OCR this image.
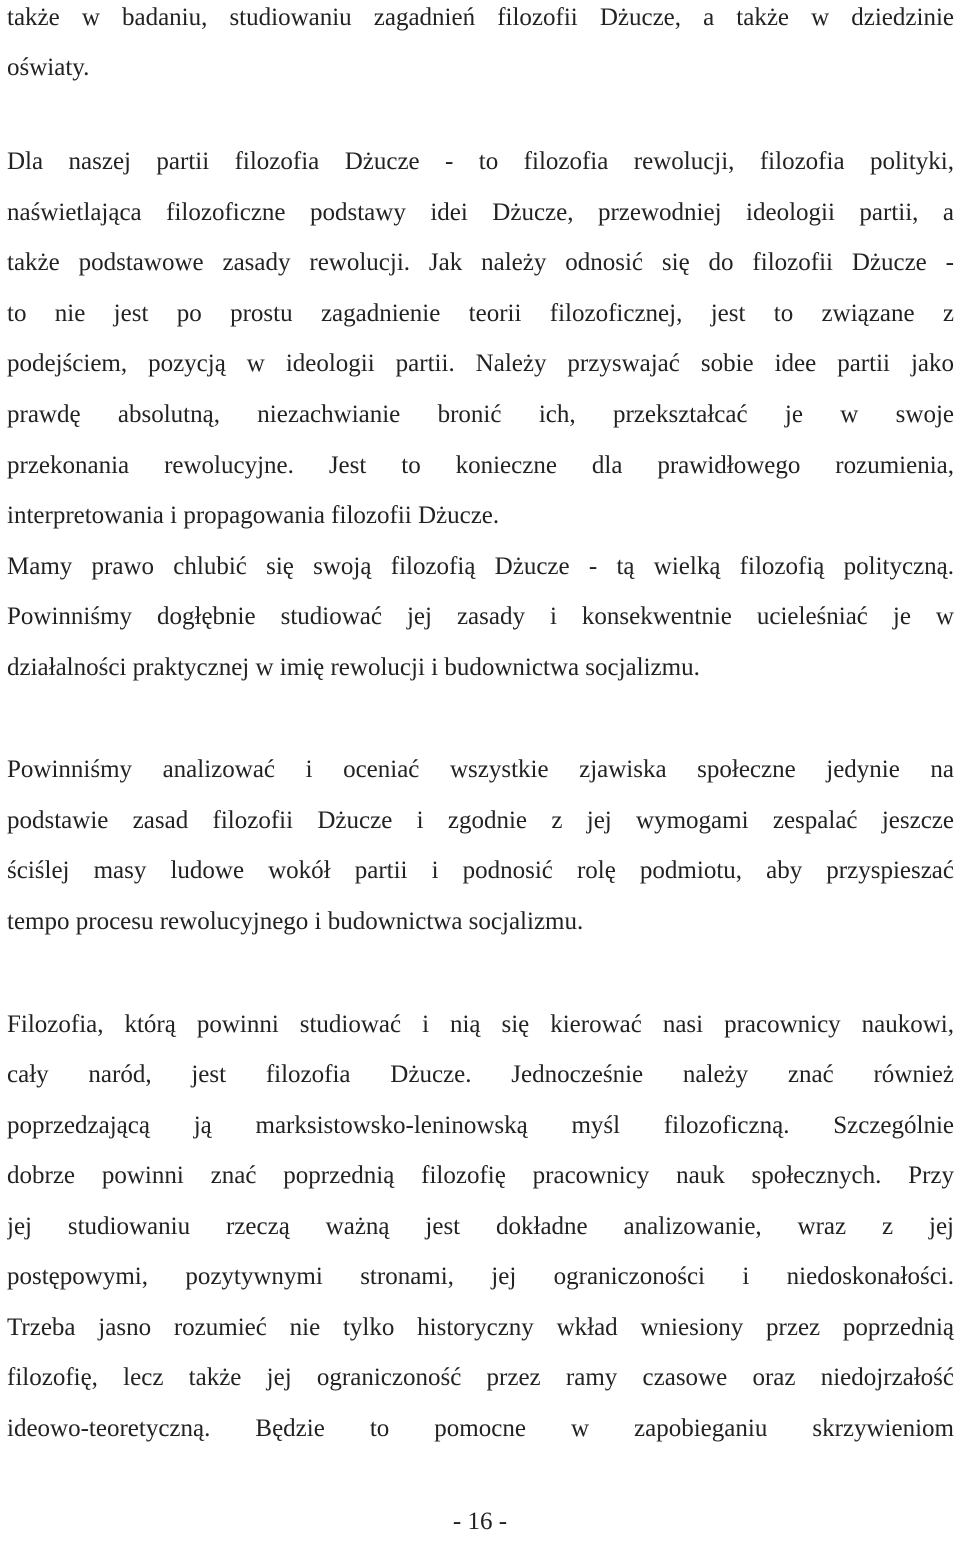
także w badaniu, studiowaniu zagadnień filozofii Dżucze, a także w dziedzinie
oświaty.
Dla naszej partii filozofia Dżucze - to filozofia rewolucji, filozofia polityki,
naświetlająca filozoficzne podstawy idei Dżucze, przewodniej ideologii partii, a
także podstawowe zasady rewolucji. Jak należy odnosić się do filozofii Dżucze -
to nie jest po prostu zagadnienie teorii filozoficznej, jest to związane z
podejściem, pozycją w ideologii partii. Należy przyswajać sobie idee partii jako
prawdę absolutną, niezachwianie bronić ich, przekształcać je w swoje
przekonania rewolucyjne. Jest to konieczne dla prawidłowego rozumienia,
interpretowania i propagowania filozofii Dżucze.
Mamy prawo chlubić się swoją filozofią Dżucze - tą wielką filozofią polityczną.
Powinniśmy dogłębnie studiować jej zasady i konsekwentnie ucieleśniać je w
działalności praktycznej w imię rewolucji i budownictwa socjalizmu.
Powinniśmy analizować i oceniać wszystkie zjawiska społeczne jedynie na
podstawie zasad filozofii Dżucze i zgodnie z jej wymogami zespalać jeszcze
ściślej masy ludowe wokół partii i podnosić rolę podmiotu, aby przyspieszać
tempo procesu rewolucyjnego i budownictwa socjalizmu.
Filozofia, którą powinni studiować i nią się kierować nasi pracownicy naukowi,
cały naród, jest filozofia Dżucze. Jednocześnie należy znać również
poprzedzającą ją marksistowsko-leninowską myśl filozoficzną. Szczególnie
dobrze powinni znać poprzednią filozofię pracownicy nauk społecznych. Przy
jej studiowaniu rzeczą ważną jest dokładne analizowanie, wraz z jej
postępowymi, pozytywnymi stronami, jej ograniczoności i niedoskonałości.
Trzeba jasno rozumieć nie tylko historyczny wkład wniesiony przez poprzednią
filozofię, lecz także jej ograniczoność przez ramy czasowe oraz niedojrzałość
ideowo-teoretyczną. Będzie to pomocne w zapobieganiu skrzywieniom
- 16 -
